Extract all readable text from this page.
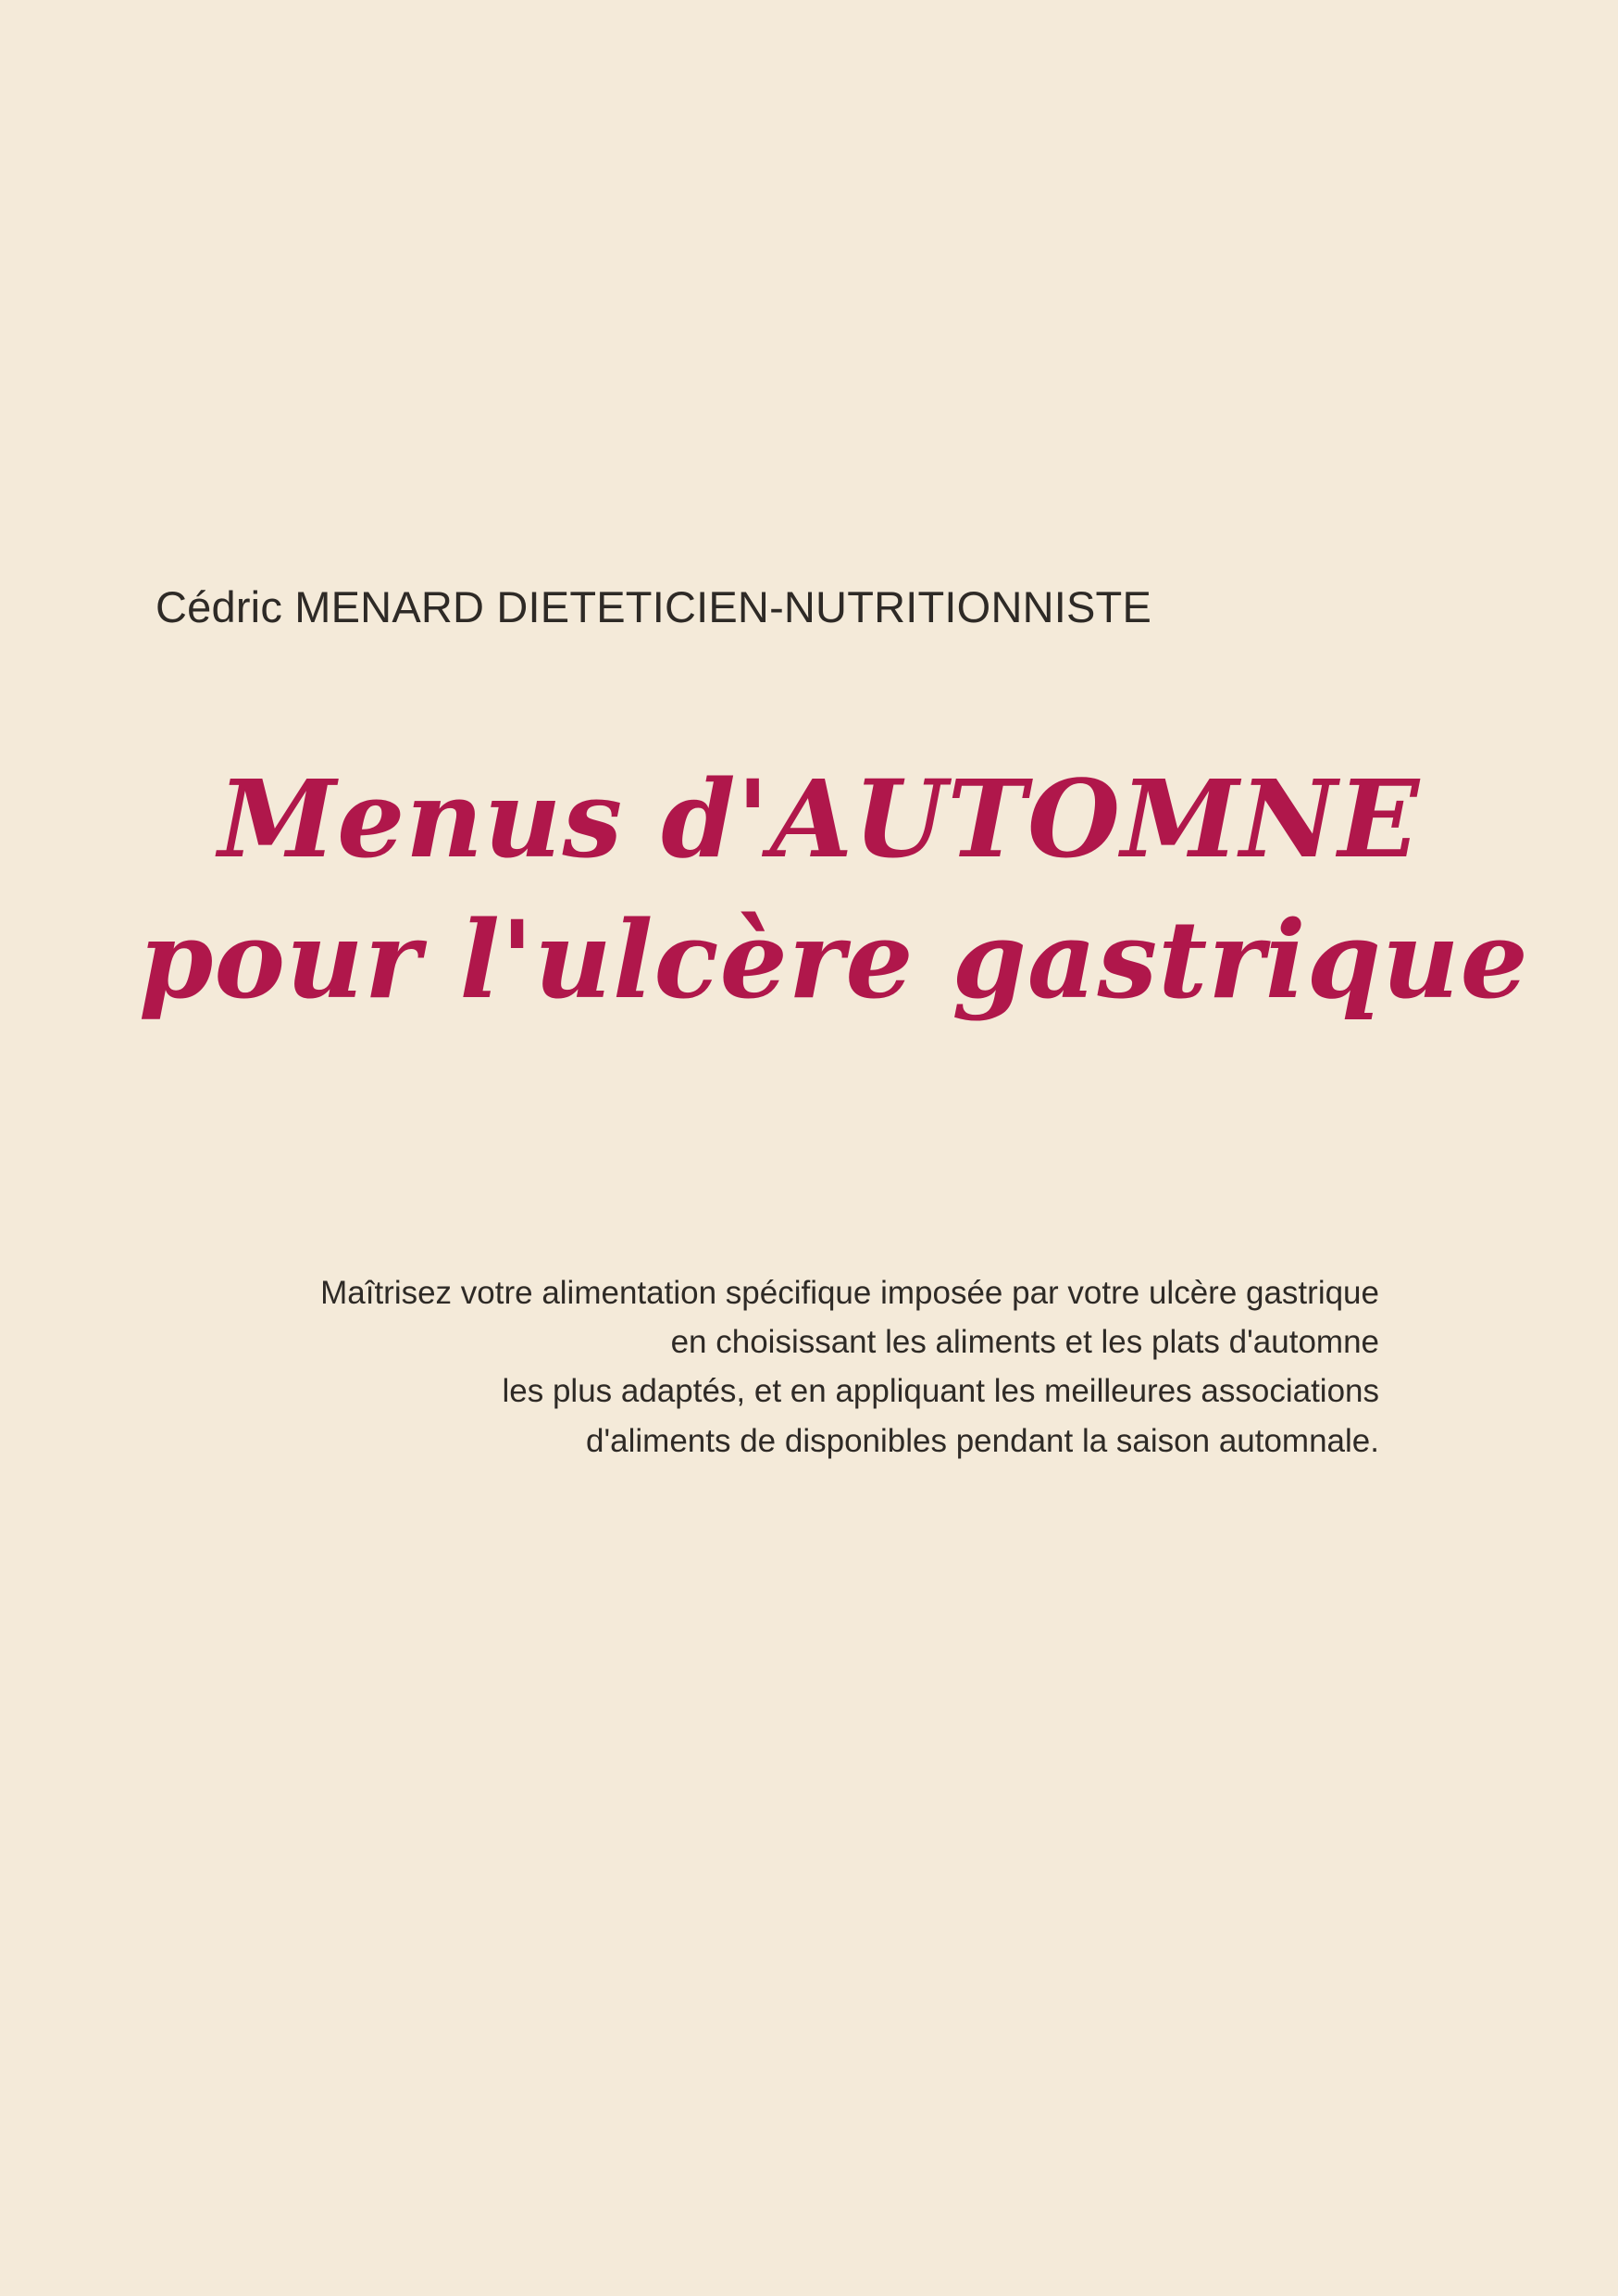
Cédric MENARD DIETETICIEN-NUTRITIONNISTE
Menus d'AUTOMNE
pour l'ulcère gastrique
Maîtrisez votre alimentation spécifique imposée par votre ulcère gastrique
en choisissant les aliments et les plats d'automne
les plus adaptés, et en appliquant les meilleures associations
d'aliments de disponibles pendant la saison automnale.
